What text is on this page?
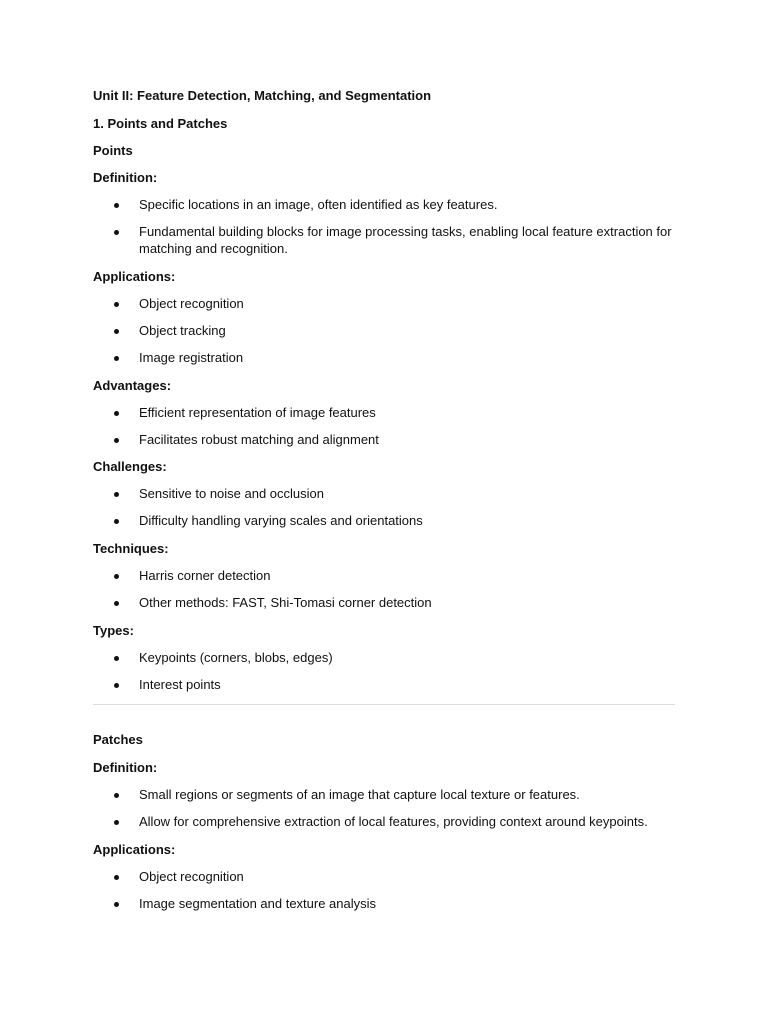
Unit II: Feature Detection, Matching, and Segmentation

1. Points and Patches

Points

Definition:

Specific locations in an image, often identified as key features.
Fundamental building blocks for image processing tasks, enabling local feature extraction for matching and recognition.

Applications:

Object recognition
Object tracking
Image registration

Advantages:

Efficient representation of image features
Facilitates robust matching and alignment

Challenges:

Sensitive to noise and occlusion
Difficulty handling varying scales and orientations

Techniques:

Harris corner detection
Other methods: FAST, Shi-Tomasi corner detection

Types:

Keypoints (corners, blobs, edges)
Interest points

Patches

Definition:

Small regions or segments of an image that capture local texture or features.
Allow for comprehensive extraction of local features, providing context around keypoints.

Applications:

Object recognition
Image segmentation and texture analysis
